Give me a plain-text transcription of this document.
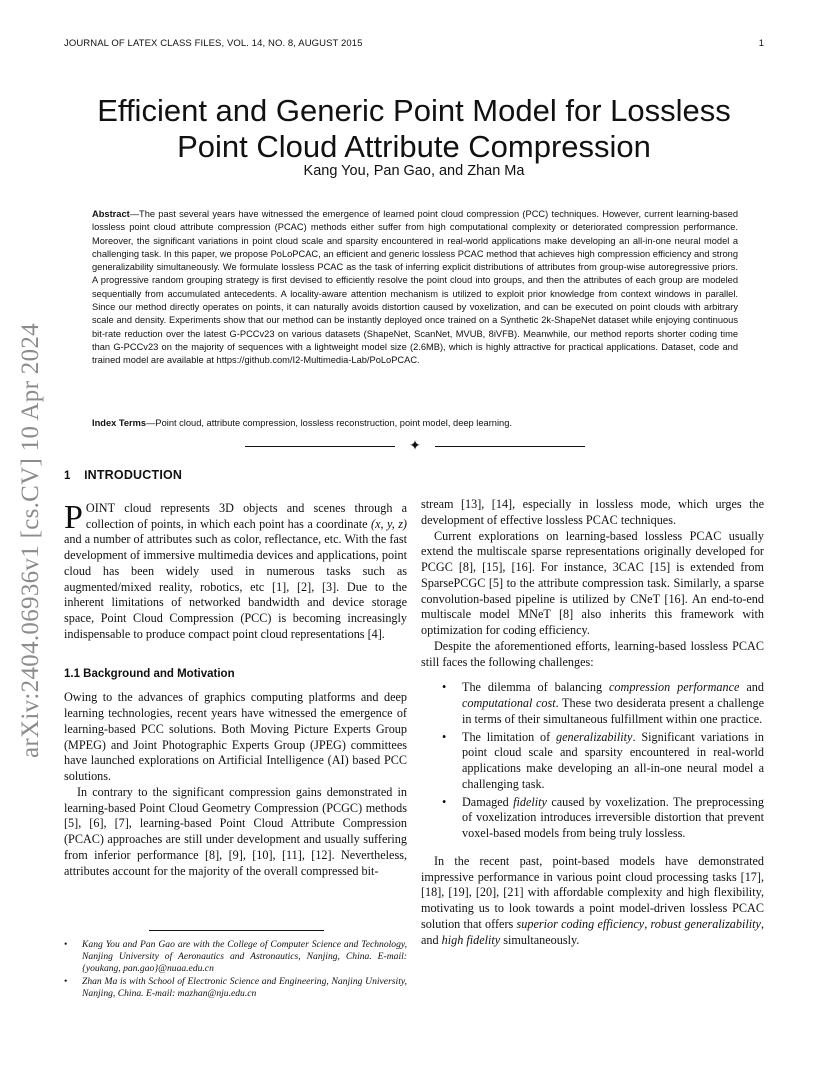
JOURNAL OF LATEX CLASS FILES, VOL. 14, NO. 8, AUGUST 2015	1
arXiv:2404.06936v1 [cs.CV] 10 Apr 2024
Efficient and Generic Point Model for Lossless
Point Cloud Attribute Compression
Kang You, Pan Gao, and Zhan Ma
Abstract—The past several years have witnessed the emergence of learned point cloud compression (PCC) techniques. However, current learning-based lossless point cloud attribute compression (PCAC) methods either suffer from high computational complexity or deteriorated compression performance. Moreover, the significant variations in point cloud scale and sparsity encountered in real-world applications make developing an all-in-one neural model a challenging task. In this paper, we propose PoLoPCAC, an efficient and generic lossless PCAC method that achieves high compression efficiency and strong generalizability simultaneously. We formulate lossless PCAC as the task of inferring explicit distributions of attributes from group-wise autoregressive priors. A progressive random grouping strategy is first devised to efficiently resolve the point cloud into groups, and then the attributes of each group are modeled sequentially from accumulated antecedents. A locality-aware attention mechanism is utilized to exploit prior knowledge from context windows in parallel. Since our method directly operates on points, it can naturally avoids distortion caused by voxelization, and can be executed on point clouds with arbitrary scale and density. Experiments show that our method can be instantly deployed once trained on a Synthetic 2k-ShapeNet dataset while enjoying continuous bit-rate reduction over the latest G-PCCv23 on various datasets (ShapeNet, ScanNet, MVUB, 8iVFB). Meanwhile, our method reports shorter coding time than G-PCCv23 on the majority of sequences with a lightweight model size (2.6MB), which is highly attractive for practical applications. Dataset, code and trained model are available at https://github.com/I2-Multimedia-Lab/PoLoPCAC.
Index Terms—Point cloud, attribute compression, lossless reconstruction, point model, deep learning.
✦
1 INTRODUCTION

POINT cloud represents 3D objects and scenes through a collection of points, in which each point has a coordinate (x, y, z) and a number of attributes such as color, reflectance, etc. With the fast development of immersive multimedia devices and applications, point cloud has been widely used in numerous tasks such as augmented/mixed reality, robotics, etc [1], [2], [3]. Due to the inherent limitations of networked bandwidth and device storage space, Point Cloud Compression (PCC) is becoming increasingly indispensable to produce compact point cloud representations [4].

1.1 Background and Motivation

Owing to the advances of graphics computing platforms and deep learning technologies, recent years have witnessed the emergence of learning-based PCC solutions. Both Moving Picture Experts Group (MPEG) and Joint Photographic Experts Group (JPEG) committees have launched explorations on Artificial Intelligence (AI) based PCC solutions.

In contrary to the significant compression gains demonstrated in learning-based Point Cloud Geometry Compression (PCGC) methods [5], [6], [7], learning-based Point Cloud Attribute Compression (PCAC) approaches are still under development and usually suffering from inferior performance [8], [9], [10], [11], [12]. Nevertheless, attributes account for the majority of the overall compressed bit-

stream [13], [14], especially in lossless mode, which urges the development of effective lossless PCAC techniques.

Current explorations on learning-based lossless PCAC usually extend the multiscale sparse representations originally developed for PCGC [8], [15], [16]. For instance, 3CAC [15] is extended from SparsePCGC [5] to the attribute compression task. Similarly, a sparse convolution-based pipeline is utilized by CNeT [16]. An end-to-end multiscale model MNeT [8] also inherits this framework with optimization for coding efficiency.

Despite the aforementioned efforts, learning-based lossless PCAC still faces the following challenges:

• The dilemma of balancing compression performance and computational cost. These two desiderata present a challenge in terms of their simultaneous fulfillment within one practice.
• The limitation of generalizability. Significant variations in point cloud scale and sparsity encountered in real-world applications make developing an all-in-one neural model a challenging task.
• Damaged fidelity caused by voxelization. The preprocessing of voxelization introduces irreversible distortion that prevent voxel-based models from being truly lossless.

In the recent past, point-based models have demonstrated impressive performance in various point cloud processing tasks [17], [18], [19], [20], [21] with affordable complexity and high flexibility, motivating us to look towards a point model-driven lossless PCAC solution that offers superior coding efficiency, robust generalizability, and high fidelity simultaneously.

• Kang You and Pan Gao are with the College of Computer Science and Technology, Nanjing University of Aeronautics and Astronautics, Nanjing, China. E-mail: {youkang, pan.gao}@nuaa.edu.cn
• Zhan Ma is with School of Electronic Science and Engineering, Nanjing University, Nanjing, China. E-mail: mazhan@nju.edu.cn
